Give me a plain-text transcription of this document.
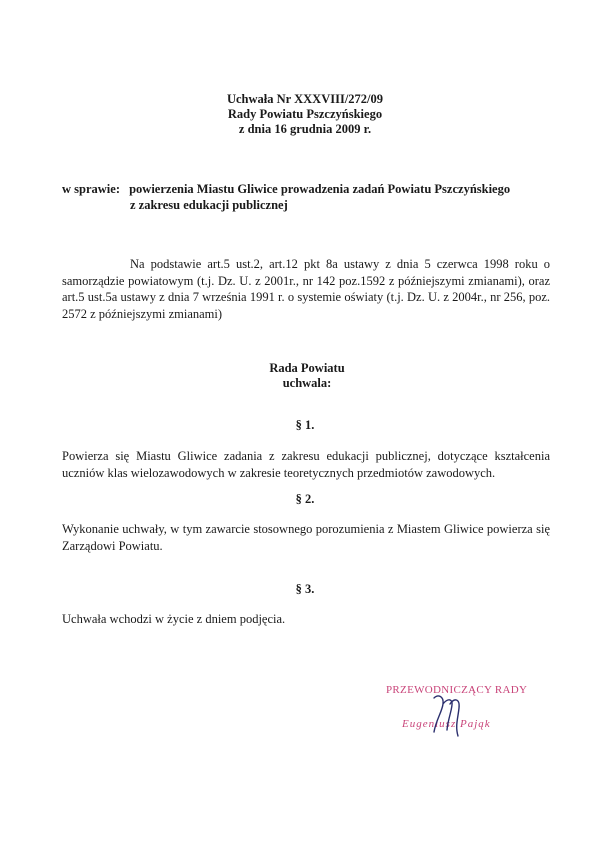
Uchwała Nr XXXVIII/272/09
Rady Powiatu Pszczyńskiego
z dnia 16 grudnia 2009 r.
w sprawie: powierzenia Miastu Gliwice prowadzenia zadań Powiatu Pszczyńskiego
z zakresu edukacji publicznej
Na podstawie art.5 ust.2, art.12 pkt 8a ustawy z dnia 5 czerwca 1998 roku o samorządzie powiatowym (t.j. Dz. U. z 2001r., nr 142 poz.1592 z późniejszymi zmianami), oraz art.5 ust.5a ustawy z dnia 7 września 1991 r. o systemie oświaty (t.j. Dz. U. z 2004r., nr 256, poz. 2572 z późniejszymi zmianami)
Rada Powiatu
uchwala:
§ 1.
Powierza się Miastu Gliwice zadania z zakresu edukacji publicznej, dotyczące kształcenia uczniów klas wielozawodowych w zakresie teoretycznych przedmiotów zawodowych.
§ 2.
Wykonanie uchwały, w tym zawarcie stosownego porozumienia z Miastem Gliwice powierza się Zarządowi Powiatu.
§ 3.
Uchwała wchodzi w życie z dniem podjęcia.
PRZEWODNICZĄCY RADY
Eugeniusz Pająk
